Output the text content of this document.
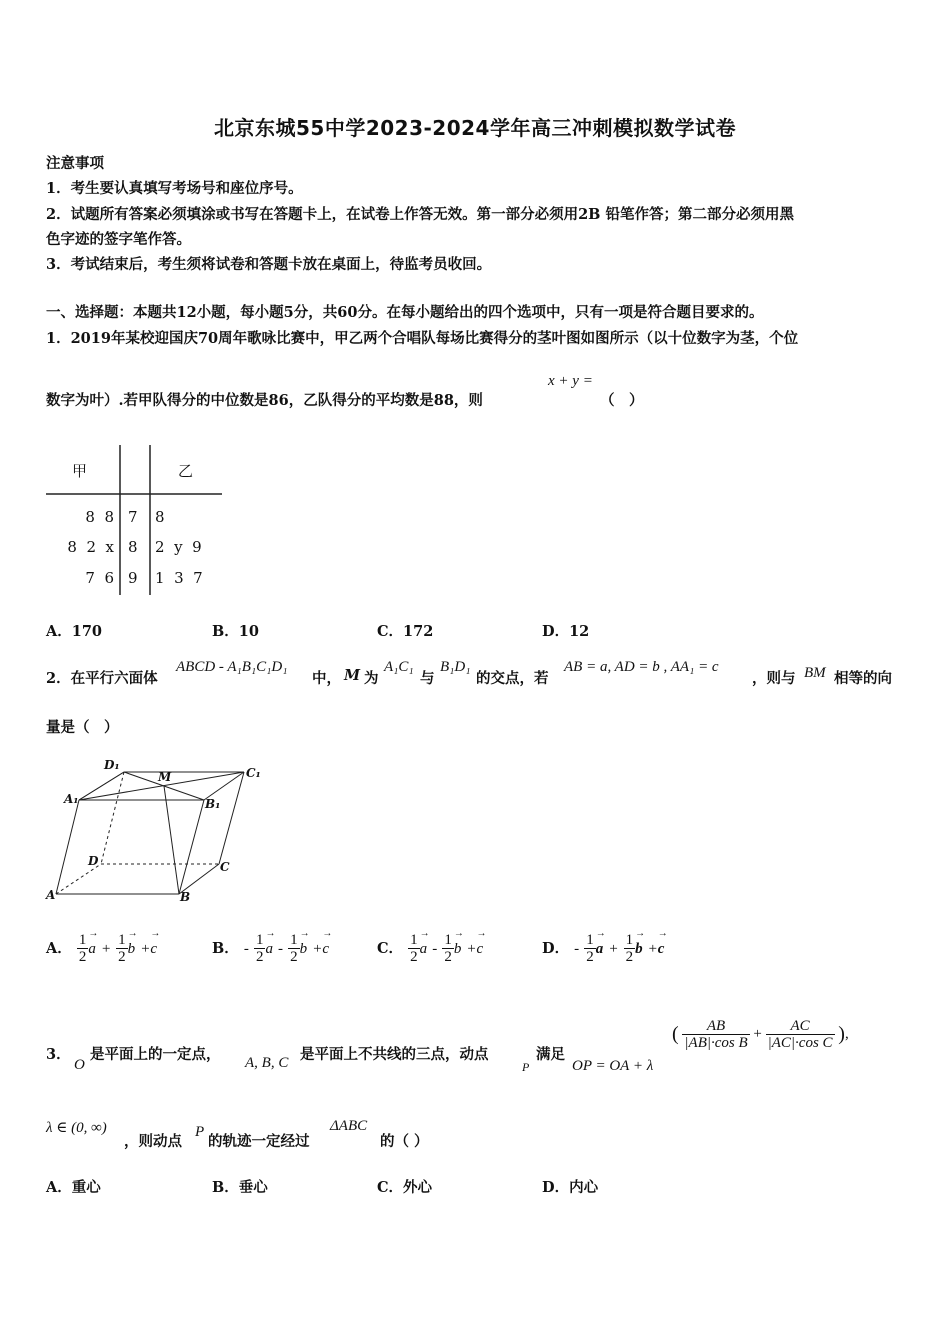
北京东城55中学2023-2024学年高三冲刺模拟数学试卷
注意事项
1．考生要认真填写考场号和座位序号。
2．试题所有答案必须填涂或书写在答题卡上，在试卷上作答无效。第一部分必须用2B 铅笔作答；第二部分必须用黑
色字迹的签字笔作答。
3．考试结束后，考生须将试卷和答题卡放在桌面上，待监考员收回。
一、选择题：本题共12小题，每小题5分，共60分。在每小题给出的四个选项中，只有一项是符合题目要求的。
1．2019年某校迎国庆70周年歌咏比赛中，甲乙两个合唱队每场比赛得分的茎叶图如图所示（以十位数字为茎，个位
数字为叶）.若甲队得分的中位数是86，乙队得分的平均数是88，则
x + y =
（　）
甲	乙
8  8 7 8
8  2  x 8 2  y  9
7  6 9 1  3  7
A．170	B．10	C．172	D．12
2．在平行六面体
ABCD - A₁B₁C₁D₁
中， M 为
A₁C₁
与
B₁D₁
的交点，若
AB = a, AD = b , AA₁ = c
，则与 BM 相等的向
量是（　）
D₁
M	C₁
A₁	B₁
D	C
A	B
A． $\frac{1}{2}$
→ $a + \frac{1}{2}$
→ b +→ c	B． - $\frac{1}{2}$
→ a - $\frac{1}{2}$
→ b +→ c	C． $\frac{1}{2}$
→ a - $\frac{1}{2}$
→ b +→ c	D． - $\frac{1}{2}$
→ $a + \frac{1}{2}$
→ b +→ c
3．
O
是平面上的一定点， A, B, C 是平面上不共线的三点，动点
P
满足
OP = OA + λ
( $\frac{AB}{\text{|AB|·cos B}} + \frac{AC}{\text{|AC|·cos C}}$ ),
λ ∈ (0, ∞)
，则动点
P
的轨迹一定经过
ΔABC
的（ ）
A．重心	B．垂心	C．外心	D．内心
